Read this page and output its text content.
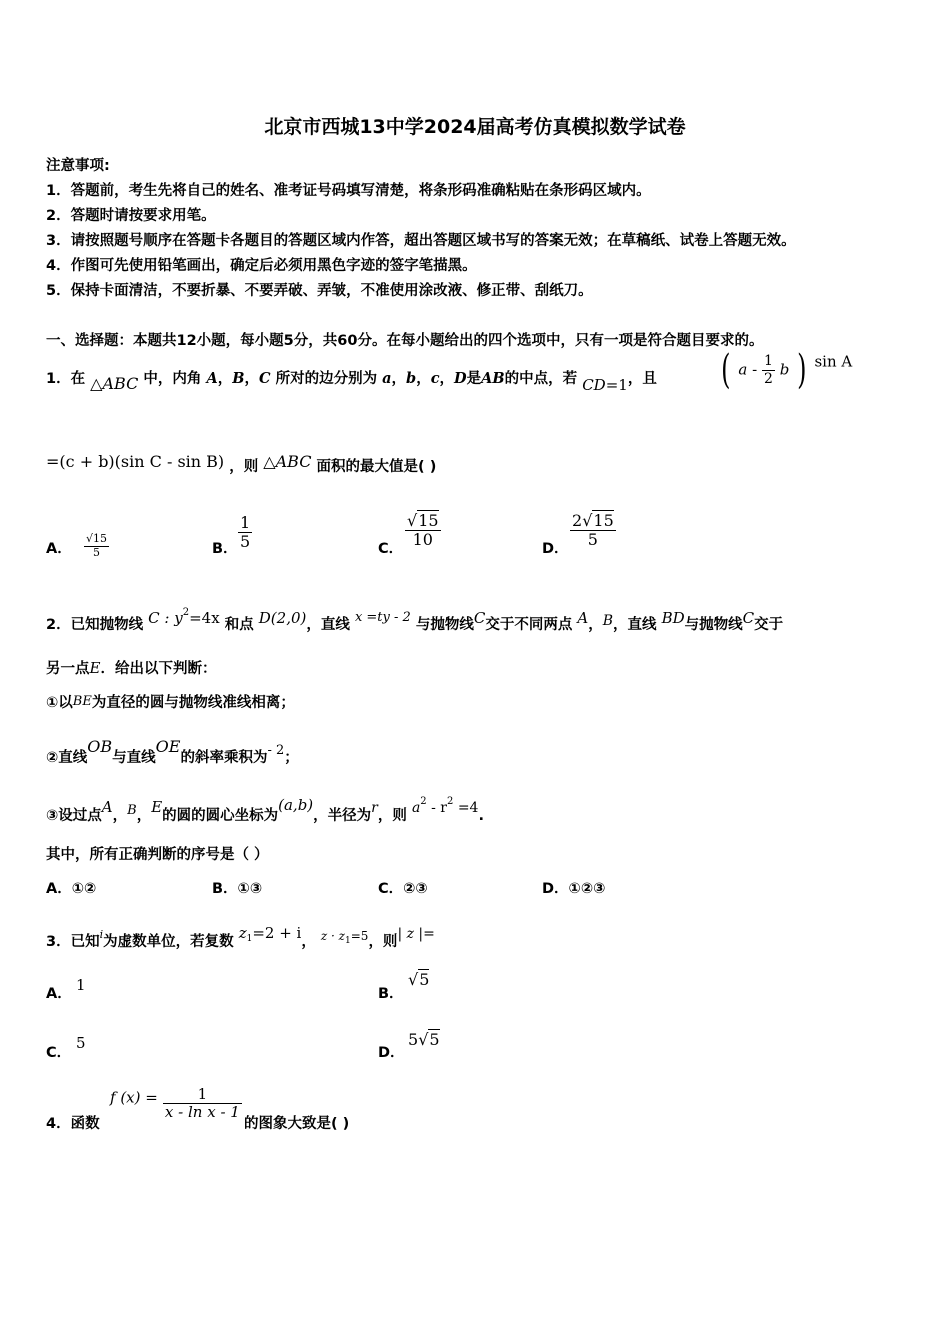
北京市西城13中学2024届高考仿真模拟数学试卷
注意事项:
1．答题前，考生先将自己的姓名、准考证号码填写清楚，将条形码准确粘贴在条形码区域内。
2．答题时请按要求用笔。
3．请按照题号顺序在答题卡各题目的答题区域内作答，超出答题区域书写的答案无效；在草稿纸、试卷上答题无效。
4．作图可先使用铅笔画出，确定后必须用黑色字迹的签字笔描黑。
5．保持卡面清洁，不要折暴、不要弄破、弄皱，不准使用涂改液、修正带、刮纸刀。
一、选择题：本题共12小题，每小题5分，共60分。在每小题给出的四个选项中，只有一项是符合题目要求的。
1．在 △ABC 中，内角 A，B，C 所对的边分别为 a，b，c，D是AB的中点，若 CD=1，且 ( a - $\frac{1}{2}$ b ) sin A
=(c + b)(sin C - sin B) ，则 △ABC 面积的最大值是( )
A． $\frac{√15}{5}$	B． $\frac{1}{5}$	C． $\frac{√15}{10}$	D． $\frac{2√15}{5}$
2．已知抛物线 C : $y^2=4x$ 和点 D(2,0)，直线 x =ty - 2 与抛物线C交于不同两点 A，B，直线 BD与抛物线C交于
另一点E．给出以下判断：
①以BE为直径的圆与抛物线准线相离；
②直线OB与直线OE的斜率乘积为- 2；
③设过点A，B，E的圆的圆心坐标为(a,b)，半径为r，则 $a^2 - r^2 =4$.
其中，所有正确判断的序号是（ ）
A．①②	B．①③	C．②③	D．①②③
3．已知$^i$为虚数单位，若复数 $z_1=2 + i$， $^{z \cdot z_1=5}$，则| z |=
A． 1	B．
√5
C．
5
D．
5√5
4．函数
f $(x) = \frac{1}{\text{x - ln x - 1}}$
的图象大致是( )
